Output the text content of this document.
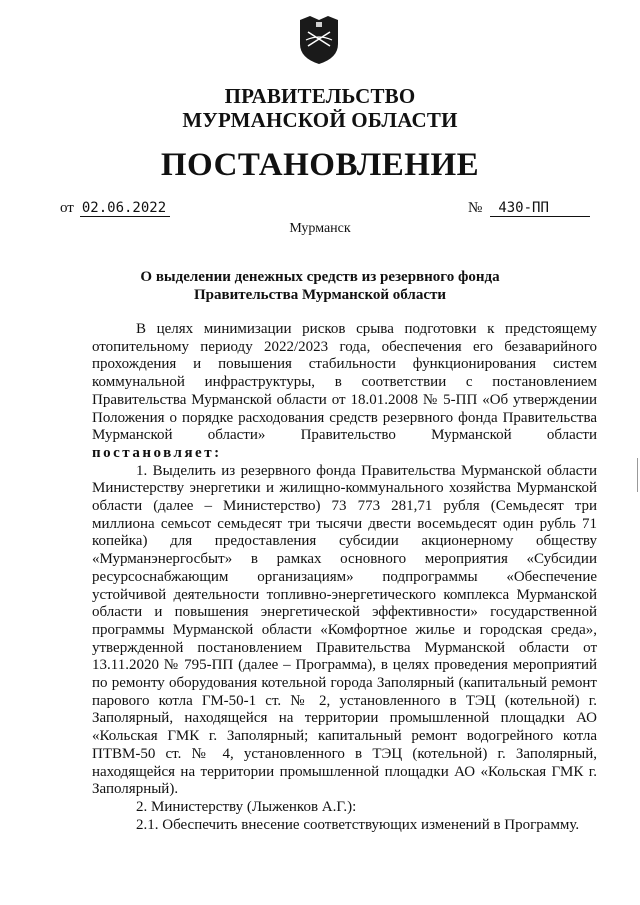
ПРАВИТЕЛЬСТВО
МУРМАНСКОЙ ОБЛАСТИ
ПОСТАНОВЛЕНИЕ
от 02.06.2022	№ 430-ПП
Мурманск
О выделении денежных средств из резервного фонда
Правительства Мурманской области

В целях минимизации рисков срыва подготовки к предстоящему отопительному периоду 2022/2023 года, обеспечения его безаварийного прохождения и повышения стабильности функционирования систем коммунальной инфраструктуры, в соответствии с постановлением Правительства Мурманской области от 18.01.2008 № 5-ПП «Об утверждении Положения о порядке расходования средств резервного фонда Правительства Мурманской области» Правительство Мурманской области постановляет:

1. Выделить из резервного фонда Правительства Мурманской области Министерству энергетики и жилищно-коммунального хозяйства Мурманской области (далее – Министерство) 73 773 281,71 рубля (Семьдесят три миллиона семьсот семьдесят три тысячи двести восемьдесят один рубль 71 копейка) для предоставления субсидии акционерному обществу «Мурманэнергосбыт» в рамках основного мероприятия «Субсидии ресурсоснабжающим организациям» подпрограммы «Обеспечение устойчивой деятельности топливно-энергетического комплекса Мурманской области и повышения энергетической эффективности» государственной программы Мурманской области «Комфортное жилье и городская среда», утвержденной постановлением Правительства Мурманской области от 13.11.2020 № 795-ПП (далее – Программа), в целях проведения мероприятий по ремонту оборудования котельной города Заполярный (капитальный ремонт парового котла ГМ-50-1 ст. № 2, установленного в ТЭЦ (котельной) г. Заполярный, находящейся на территории промышленной площадки АО «Кольская ГМК г. Заполярный; капитальный ремонт водогрейного котла ПТВМ-50 ст. № 4, установленного в ТЭЦ (котельной) г. Заполярный, находящейся на территории промышленной площадки АО «Кольская ГМК г. Заполярный).

2. Министерству (Лыженков А.Г.):

2.1. Обеспечить внесение соответствующих изменений в Программу.
